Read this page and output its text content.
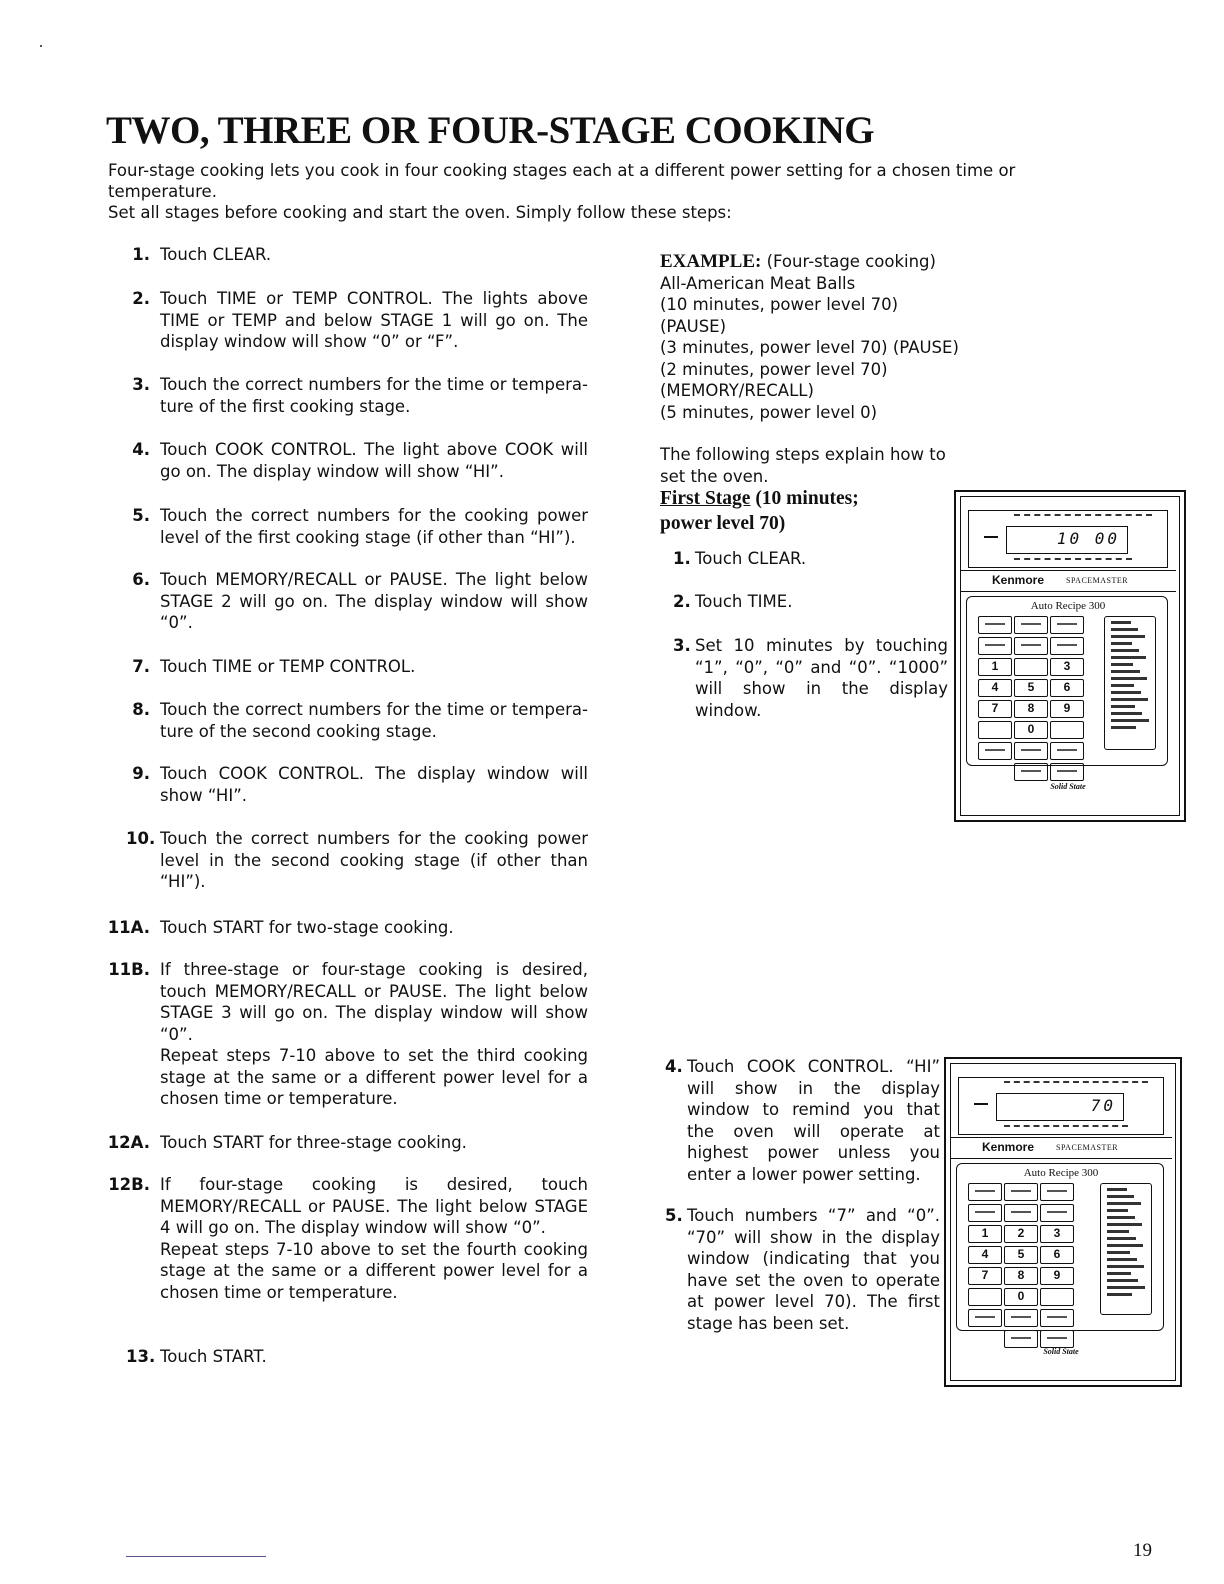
TWO, THREE OR FOUR-STAGE COOKING
Four-stage cooking lets you cook in four cooking stages each at a different power setting for a chosen time or temperature.
Set all stages before cooking and start the oven. Simply follow these steps:
1. Touch CLEAR.

2. Touch TIME or TEMP CONTROL. The lights above TIME or TEMP and below STAGE 1 will go on. The display window will show “0” or “F”.

3. Touch the correct numbers for the time or tempera-ture of the first cooking stage.

4. Touch COOK CONTROL. The light above COOK will go on. The display window will show “HI”.

5. Touch the correct numbers for the cooking power level of the first cooking stage (if other than “HI”).

6. Touch MEMORY/RECALL or PAUSE. The light below STAGE 2 will go on. The display window will show “0”.

7. Touch TIME or TEMP CONTROL.

8. Touch the correct numbers for the time or tempera-ture of the second cooking stage.

9. Touch COOK CONTROL. The display window will show “HI”.

10. Touch the correct numbers for the cooking power level in the second cooking stage (if other than “HI”).

11A. Touch START for two-stage cooking.

11B. If three-stage or four-stage cooking is desired, touch MEMORY/RECALL or PAUSE. The light below STAGE 3 will go on. The display window will show “0”.

Repeat steps 7-10 above to set the third cooking stage at the same or a different power level for a chosen time or temperature.

12A. Touch START for three-stage cooking.

12B. If four-stage cooking is desired, touch MEMORY/RECALL or PAUSE. The light below STAGE 4 will go on. The display window will show “0”.

Repeat steps 7-10 above to set the fourth cooking stage at the same or a different power level for a chosen time or temperature.

13. Touch START.

EXAMPLE: (Four-stage cooking)
All-American Meat Balls
(10 minutes, power level 70) (PAUSE)
(3 minutes, power level 70) (PAUSE)
(2 minutes, power level 70)
(MEMORY/RECALL)
(5 minutes, power level 0)
The following steps explain how to set the oven.
First Stage (10 minutes;
power level 70)
1. Touch CLEAR.
2. Touch TIME.
3. Set 10 minutes by touching “1”, “0”, “0” and “0”. “1000” will show in the display window.
4. Touch COOK CONTROL. “HI” will show in the display window to remind you that the oven will operate at highest power unless you enter a lower power setting.
5. Touch numbers “7” and “0”. “70” will show in the display window (indicating that you have set the oven to operate at power level 70). The first stage has been set.
10 00
Kenmore	SPACEMASTER
Auto Recipe 300
Solid State
1	3
4	5	6
7	8	9
0
70
Kenmore	SPACEMASTER
Auto Recipe 300
Solid State
1	2	3
4	5	6
7	8	9
0
19
